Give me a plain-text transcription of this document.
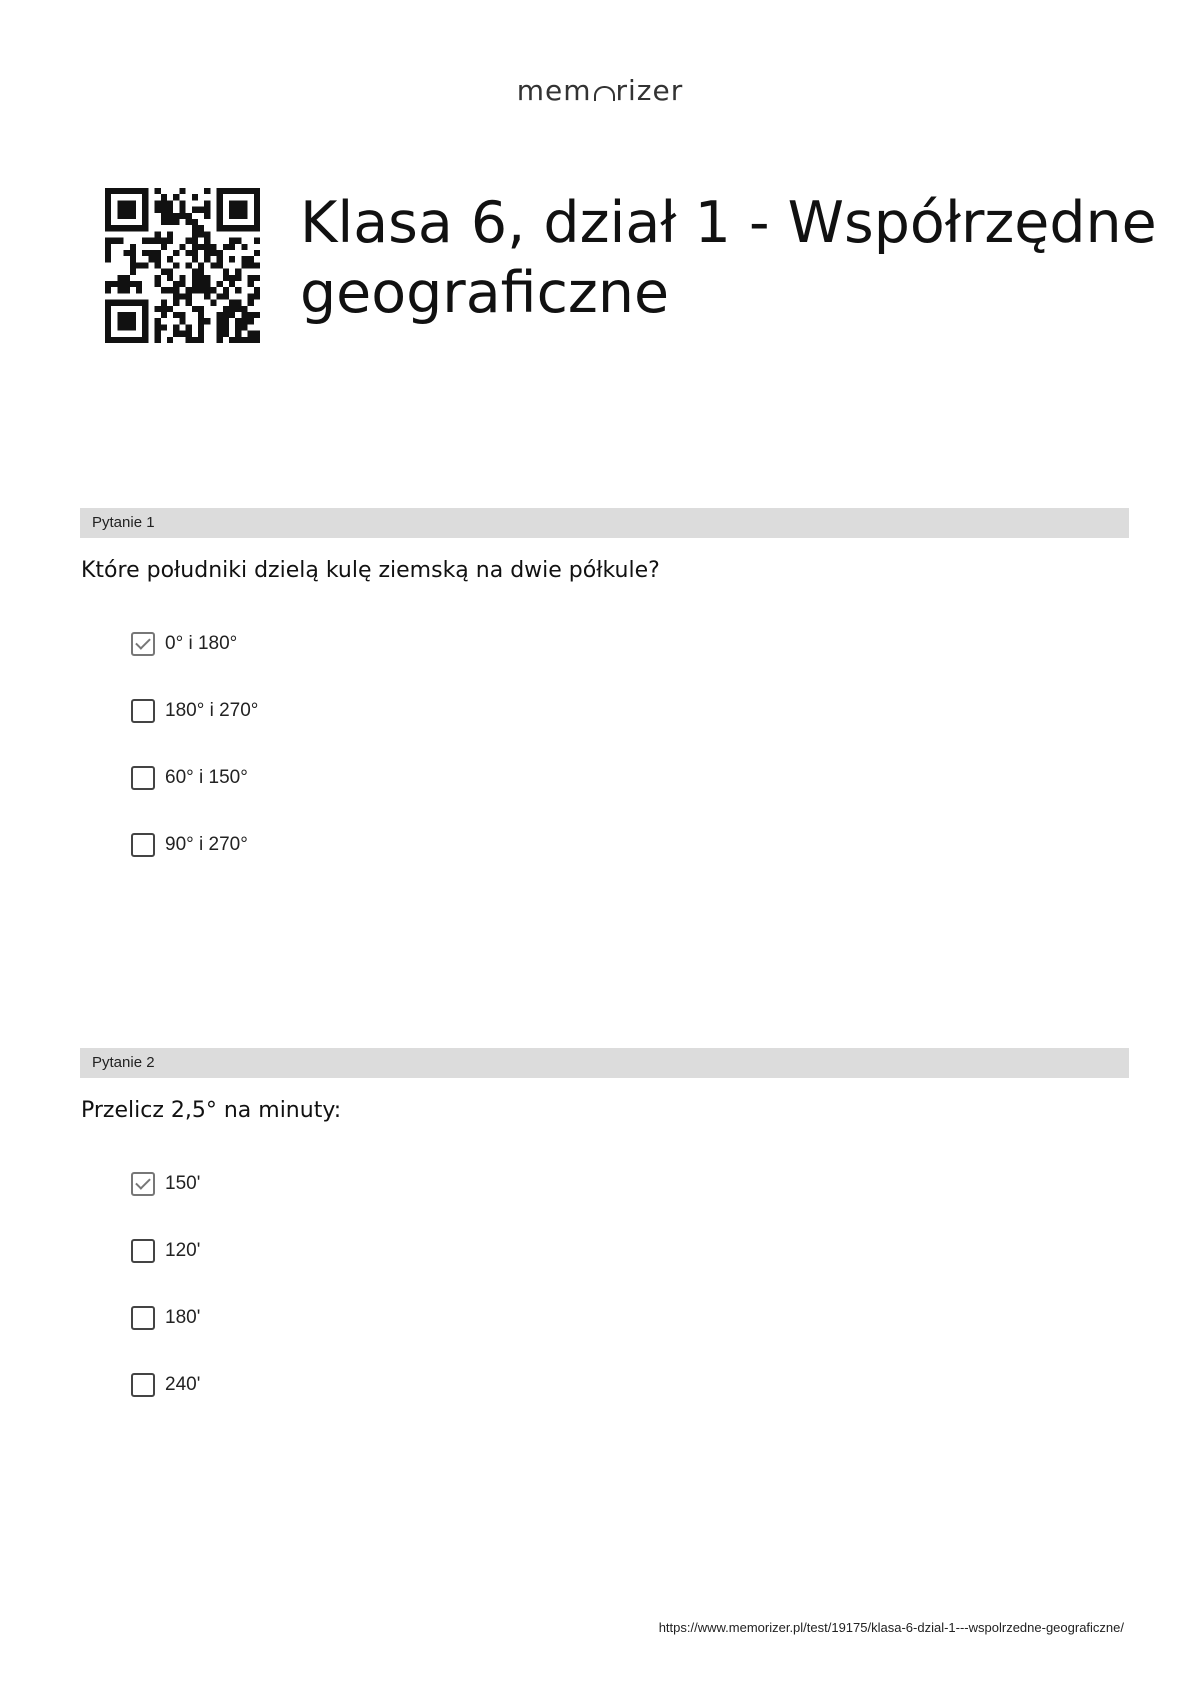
mem rizer
Klasa 6, dział 1 - Współrzędne geograficzne
Pytanie 1

Które południki dzielą kulę ziemską na dwie półkule?

0° i 180°
180° i 270°
60° i 150°
90° i 270°
Pytanie 2

Przelicz 2,5° na minuty:

150'
120'
180'
240'
https://www.memorizer.pl/test/19175/klasa-6-dzial-1---wspolrzedne-geograficzne/
